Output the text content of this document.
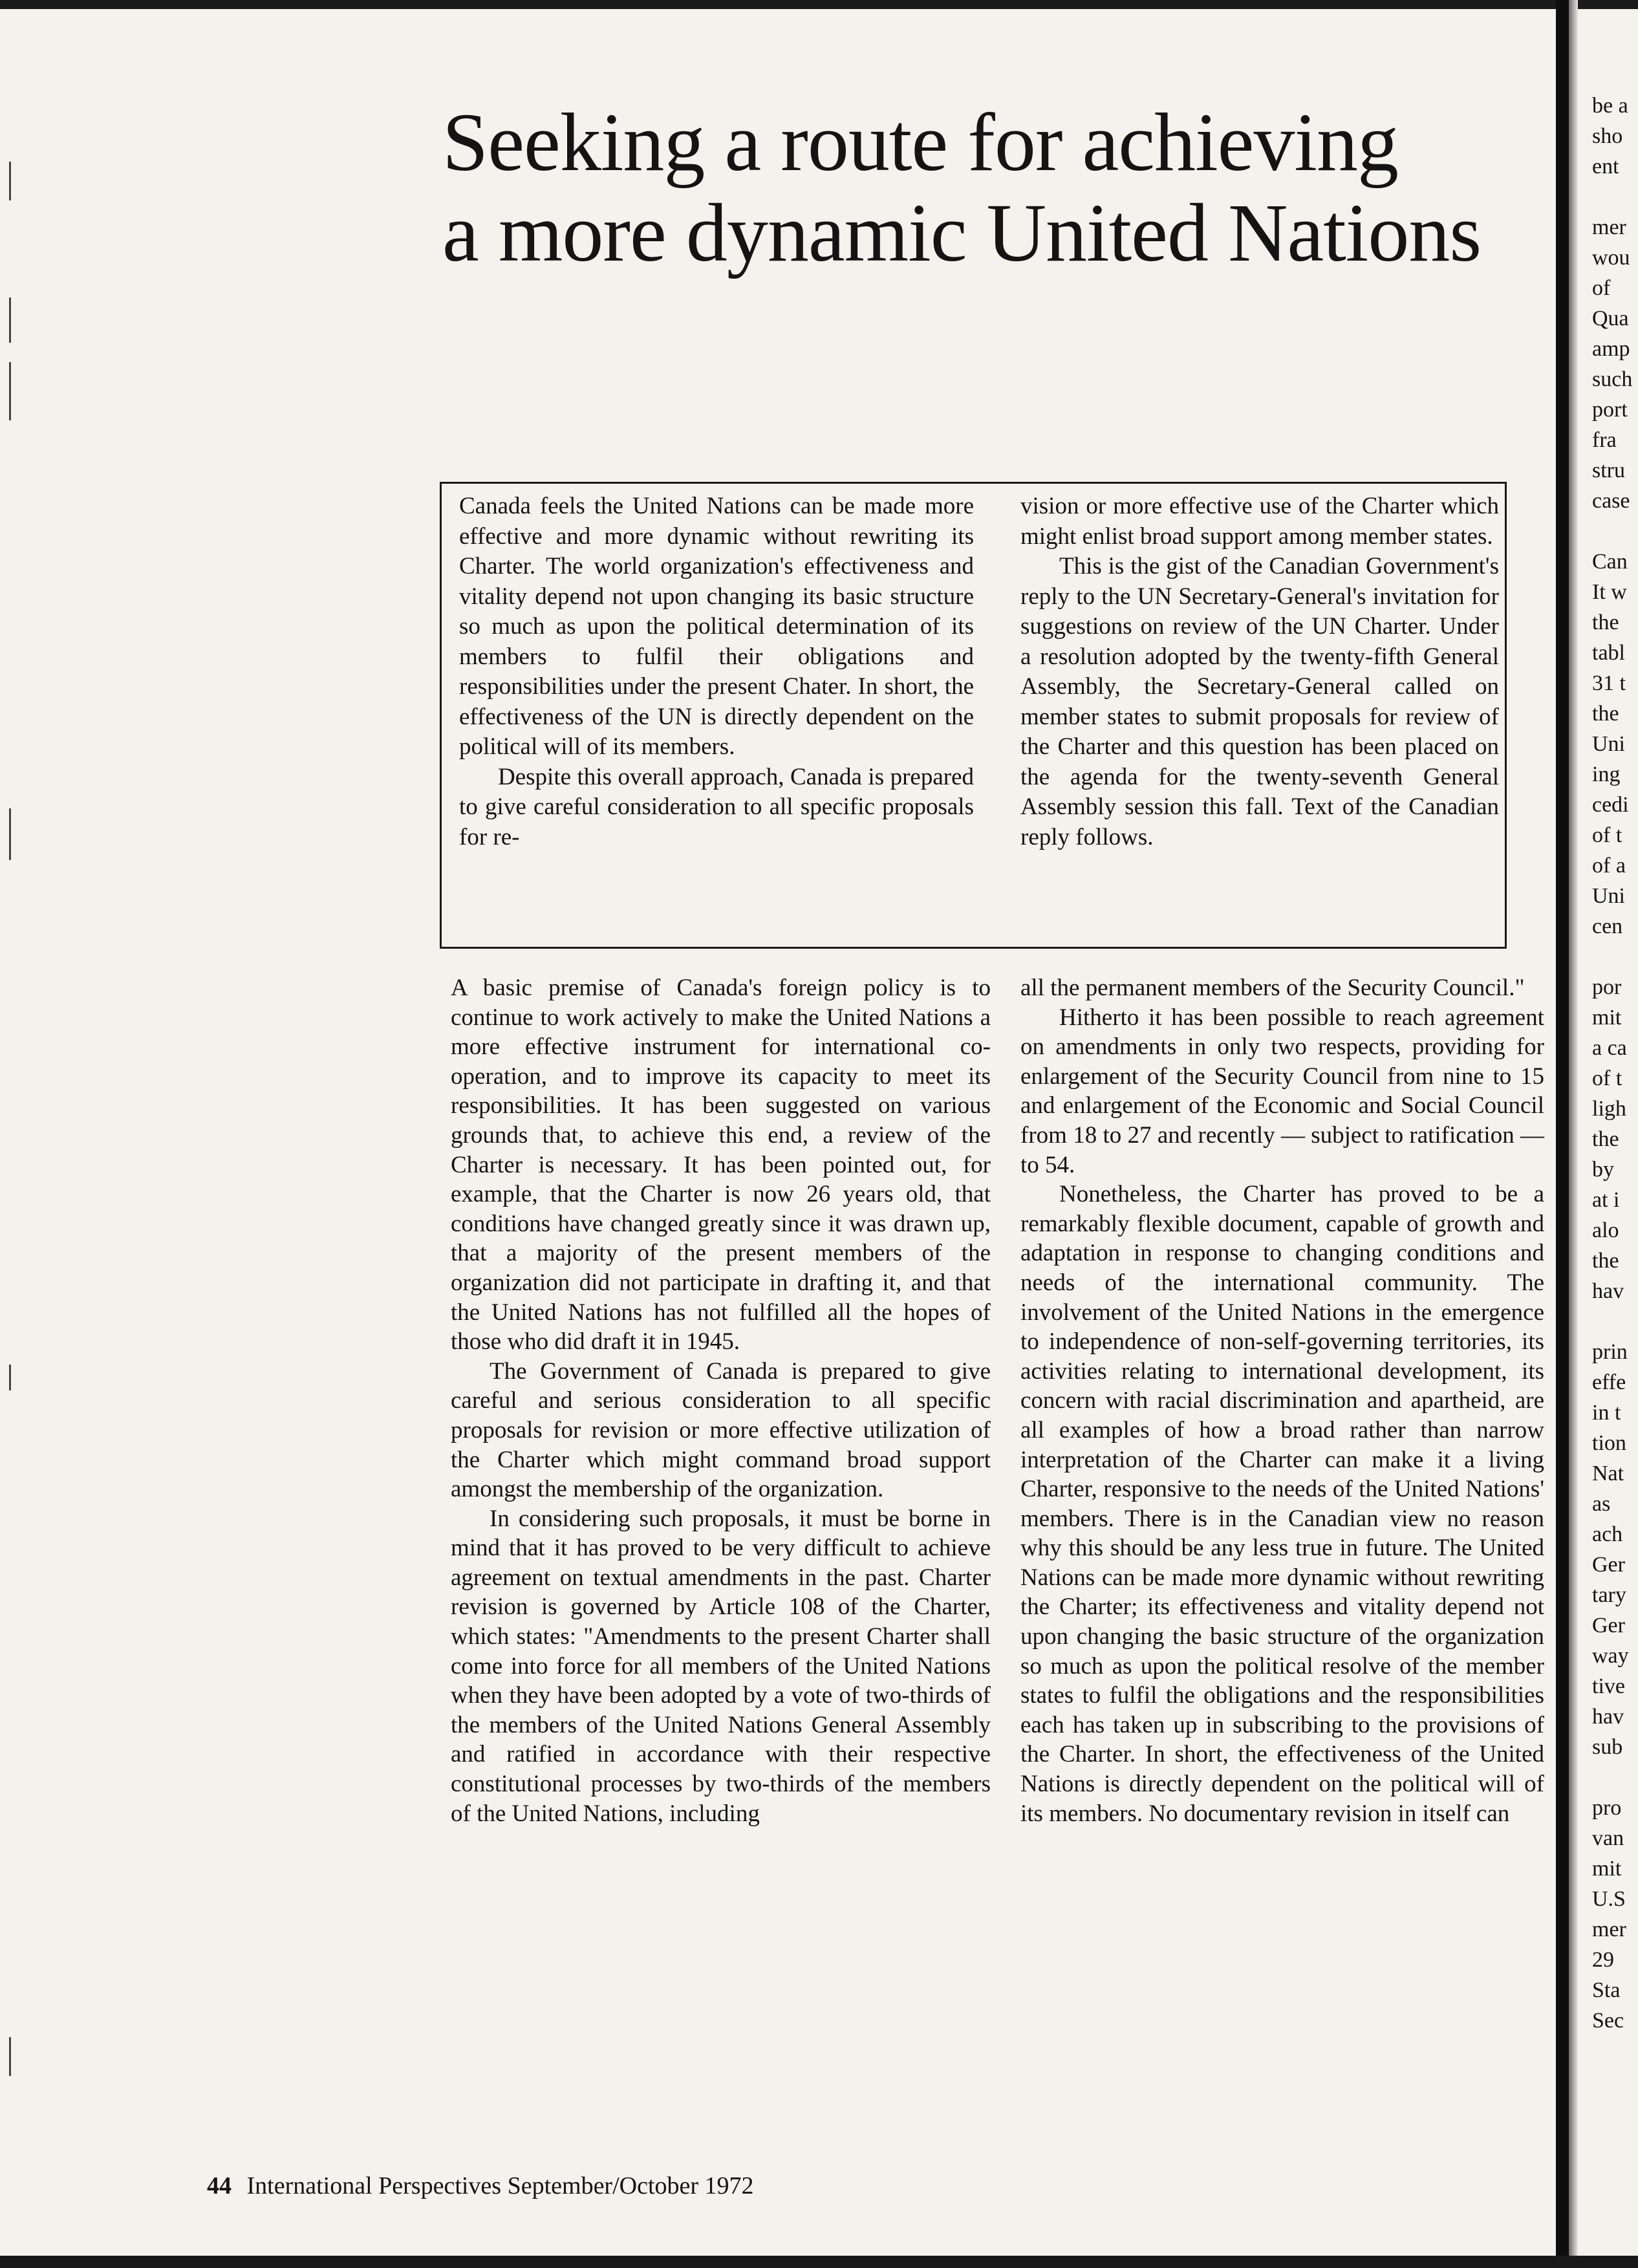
Seeking a route for achieving
a more dynamic United Nations

Canada feels the United Nations can be made more effective and more dynamic without rewriting its Charter. The world organization's effectiveness and vitality depend not upon changing its basic structure so much as upon the political determination of its members to fulfil their obligations and responsibilities under the present Chater. In short, the effectiveness of the UN is directly dependent on the political will of its members.

Despite this overall approach, Canada is prepared to give careful consideration to all specific proposals for re-

vision or more effective use of the Charter which might enlist broad support among member states.

This is the gist of the Canadian Government's reply to the UN Secretary-General's invitation for suggestions on review of the UN Charter. Under a resolution adopted by the twenty-fifth General Assembly, the Secretary-General called on member states to submit proposals for review of the Charter and this question has been placed on the agenda for the twenty-seventh General Assembly session this fall. Text of the Canadian reply follows.

A basic premise of Canada's foreign policy is to continue to work actively to make the United Nations a more effective instrument for international co-operation, and to improve its capacity to meet its responsibilities. It has been suggested on various grounds that, to achieve this end, a review of the Charter is necessary. It has been pointed out, for example, that the Charter is now 26 years old, that conditions have changed greatly since it was drawn up, that a majority of the present members of the organization did not participate in drafting it, and that the United Nations has not fulfilled all the hopes of those who did draft it in 1945.

The Government of Canada is prepared to give careful and serious consideration to all specific proposals for revision or more effective utilization of the Charter which might command broad support amongst the membership of the organization.

In considering such proposals, it must be borne in mind that it has proved to be very difficult to achieve agreement on textual amendments in the past. Charter revision is governed by Article 108 of the Charter, which states: "Amendments to the present Charter shall come into force for all members of the United Nations when they have been adopted by a vote of two-thirds of the members of the United Nations General Assembly and ratified in accordance with their respective constitutional processes by two-thirds of the members of the United Nations, including

all the permanent members of the Security Council."

Hitherto it has been possible to reach agreement on amendments in only two respects, providing for enlargement of the Security Council from nine to 15 and enlargement of the Economic and Social Council from 18 to 27 and recently — subject to ratification — to 54.

Nonetheless, the Charter has proved to be a remarkably flexible document, capable of growth and adaptation in response to changing conditions and needs of the international community. The involvement of the United Nations in the emergence to independence of non-self-governing territories, its activities relating to international development, its concern with racial discrimination and apartheid, are all examples of how a broad rather than narrow interpretation of the Charter can make it a living Charter, responsive to the needs of the United Nations' members. There is in the Canadian view no reason why this should be any less true in future. The United Nations can be made more dynamic without rewriting the Charter; its effectiveness and vitality depend not upon changing the basic structure of the organization so much as upon the political resolve of the member states to fulfil the obligations and the responsibilities each has taken up in subscribing to the provisions of the Charter. In short, the effectiveness of the United Nations is directly dependent on the political will of its members. No documentary revision in itself can

44 International Perspectives September/October 1972
be a
sho
ent
mer
wou
of
Qua
amp
such
port
fra
stru
case
Can
It w
the
tabl
31 t
the
Uni
ing
cedi
of t
of a
Uni
cen
por
mit
a ca
of t
ligh
the
by
at i
alo
the
hav
prin
effe
in t
tion
Nat
as
ach
Ger
tary
Ger
way
tive
hav
sub
pro
van
mit
U.S
mer
29
Sta
Sec
